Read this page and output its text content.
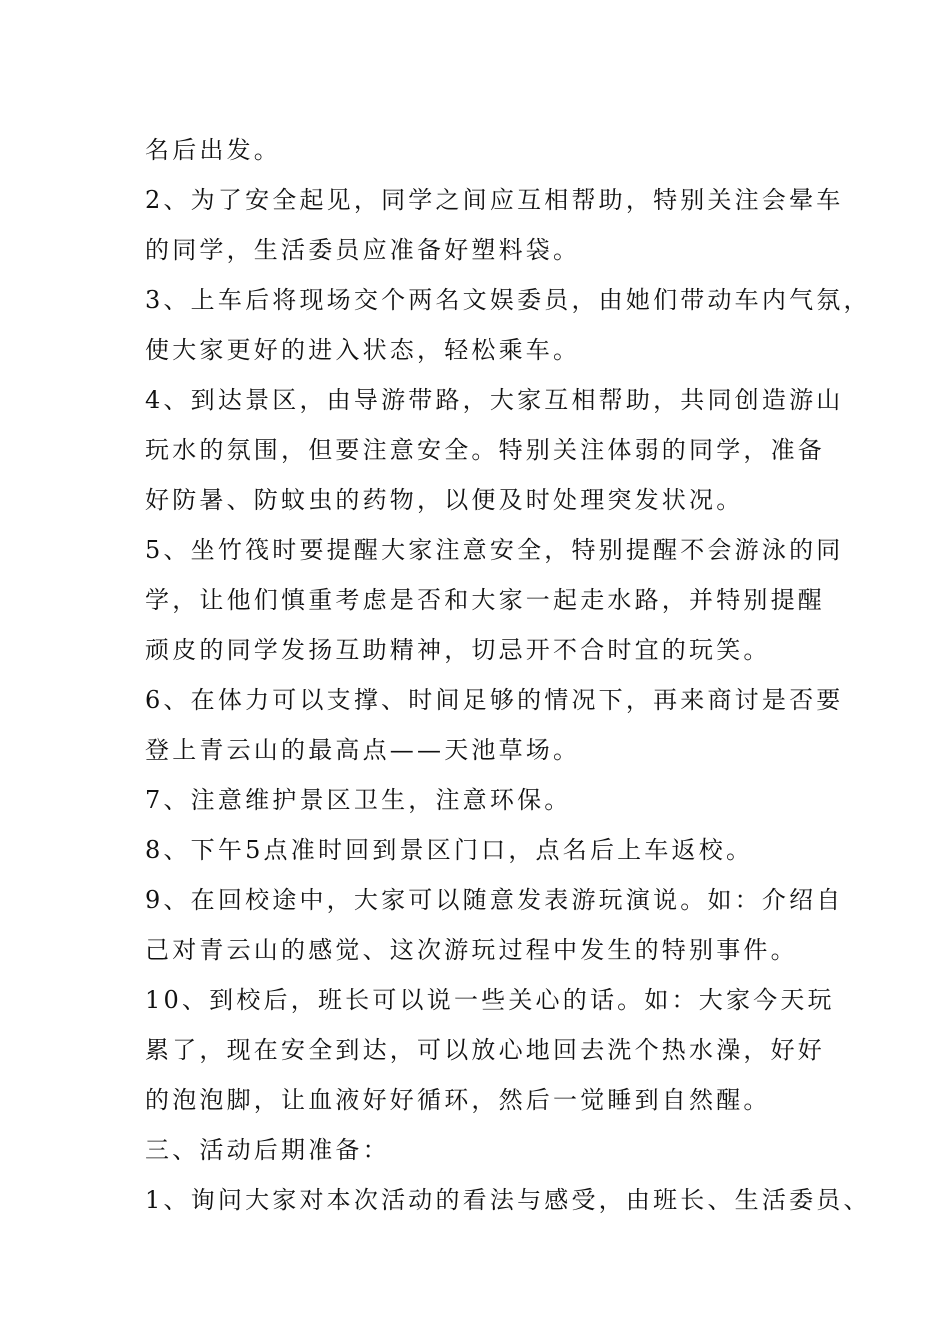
名后出发。
2、为了安全起见，同学之间应互相帮助，特别关注会晕车
的同学，生活委员应准备好塑料袋。
3、上车后将现场交个两名文娱委员，由她们带动车内气氛，
使大家更好的进入状态，轻松乘车。
4、到达景区，由导游带路，大家互相帮助，共同创造游山
玩水的氛围，但要注意安全。特别关注体弱的同学，准备
好防暑、防蚊虫的药物，以便及时处理突发状况。
5、坐竹筏时要提醒大家注意安全，特别提醒不会游泳的同
学，让他们慎重考虑是否和大家一起走水路，并特别提醒
顽皮的同学发扬互助精神，切忌开不合时宜的玩笑。
6、在体力可以支撑、时间足够的情况下，再来商讨是否要
登上青云山的最高点——天池草场。
7、注意维护景区卫生，注意环保。
8、下午5点准时回到景区门口，点名后上车返校。
9、在回校途中，大家可以随意发表游玩演说。如：介绍自
己对青云山的感觉、这次游玩过程中发生的特别事件。
10、到校后，班长可以说一些关心的话。如：大家今天玩
累了，现在安全到达，可以放心地回去洗个热水澡，好好
的泡泡脚，让血液好好循环，然后一觉睡到自然醒。
三、活动后期准备：
1、询问大家对本次活动的看法与感受，由班长、生活委员、
